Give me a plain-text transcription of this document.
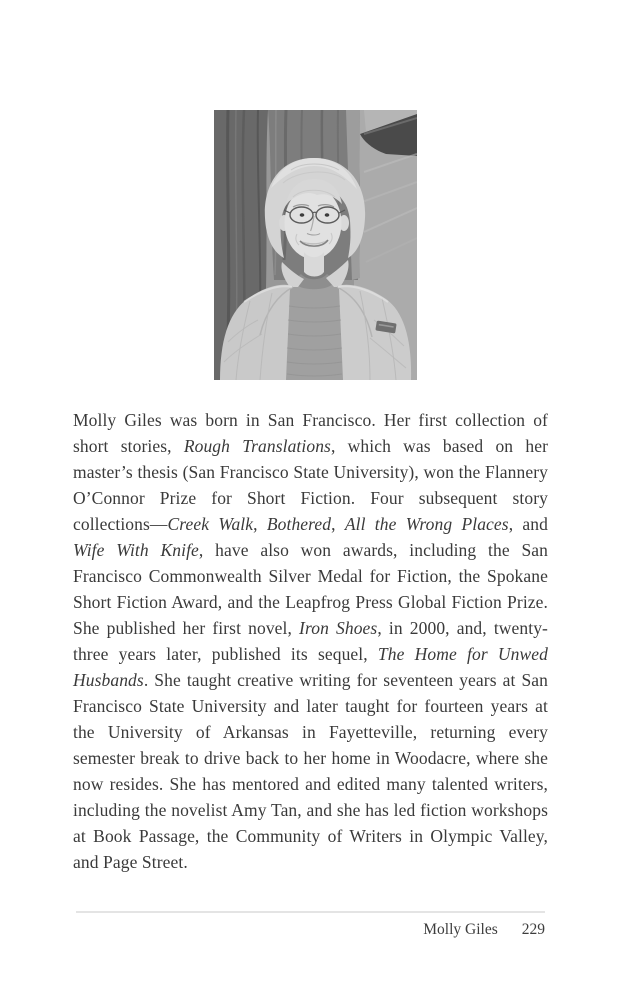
Molly Giles was born in San Francisco. Her first collection of short stories, Rough Translations, which was based on her master’s thesis (San Francisco State University), won the Flannery O’Connor Prize for Short Fiction. Four subsequent story collections—Creek Walk, Bothered, All the Wrong Places, and Wife With Knife, have also won awards, including the San Francisco Commonwealth Silver Medal for Fiction, the Spokane Short Fiction Award, and the Leapfrog Press Global Fiction Prize. She published her first novel, Iron Shoes, in 2000, and, twenty-three years later, published its sequel, The Home for Unwed Husbands. She taught creative writing for seventeen years at San Francisco State University and later taught for fourteen years at the University of Arkansas in Fayetteville, returning every semester break to drive back to her home in Woodacre, where she now resides. She has mentored and edited many talented writers, including the novelist Amy Tan, and she has led fiction workshops at Book Passage, the Community of Writers in Olympic Valley, and Page Street.

Molly Giles 229
